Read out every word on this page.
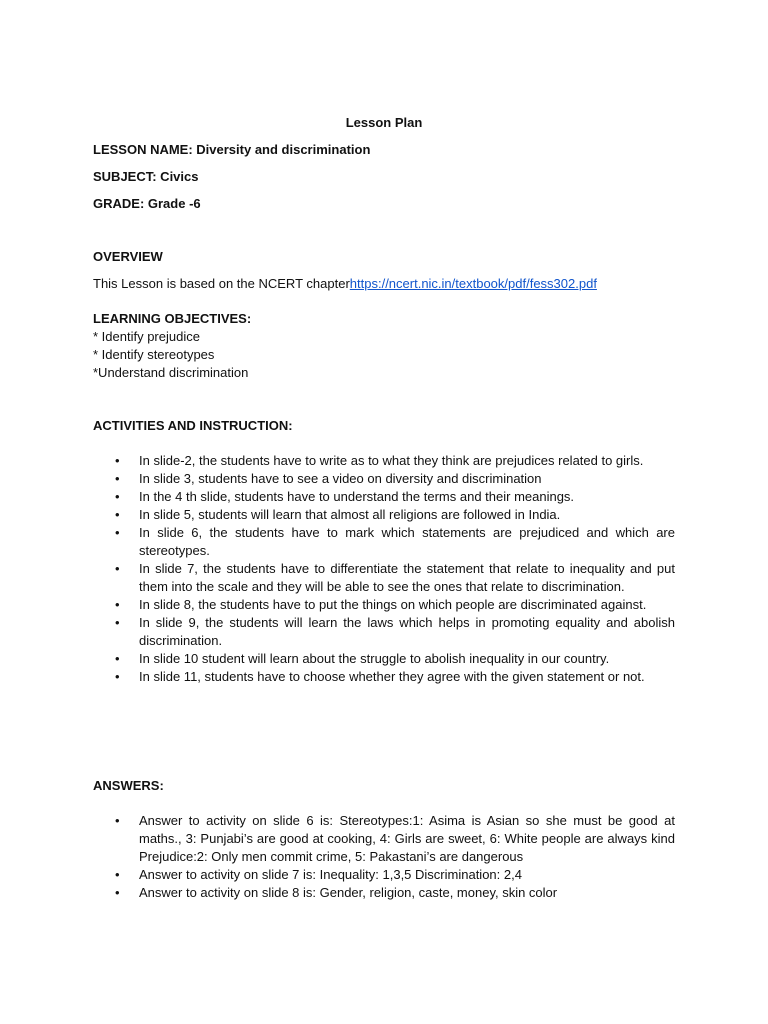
Lesson Plan
LESSON NAME: Diversity and discrimination
SUBJECT: Civics
GRADE: Grade -6
OVERVIEW
This Lesson is based on the NCERT chapterhttps://ncert.nic.in/textbook/pdf/fess302.pdf
LEARNING OBJECTIVES:
* Identify prejudice
* Identify stereotypes
*Understand discrimination
ACTIVITIES AND INSTRUCTION:
• In slide-2, the students have to write as to what they think are prejudices related to girls.
• In slide 3, students have to see a video on diversity and discrimination
• In the 4 th slide, students have to understand the terms and their meanings.
• In slide 5, students will learn that almost all religions are followed in India.
• In slide 6, the students have to mark which statements are prejudiced and which are stereotypes.
• In slide 7, the students have to differentiate the statement that relate to inequality and put them into the scale and they will be able to see the ones that relate to discrimination.
• In slide 8, the students have to put the things on which people are discriminated against.
• In slide 9, the students will learn the laws which helps in promoting equality and abolish discrimination.
• In slide 10 student will learn about the struggle to abolish inequality in our country.
• In slide 11, students have to choose whether they agree with the given statement or not.
ANSWERS:
• Answer to activity on slide 6 is: Stereotypes:1: Asima is Asian so she must be good at maths., 3: Punjabi’s are good at cooking, 4: Girls are sweet, 6: White people are always kind Prejudice:2: Only men commit crime, 5: Pakastani’s are dangerous
• Answer to activity on slide 7 is: Inequality: 1,3,5 Discrimination: 2,4
• Answer to activity on slide 8 is: Gender, religion, caste, money, skin color
